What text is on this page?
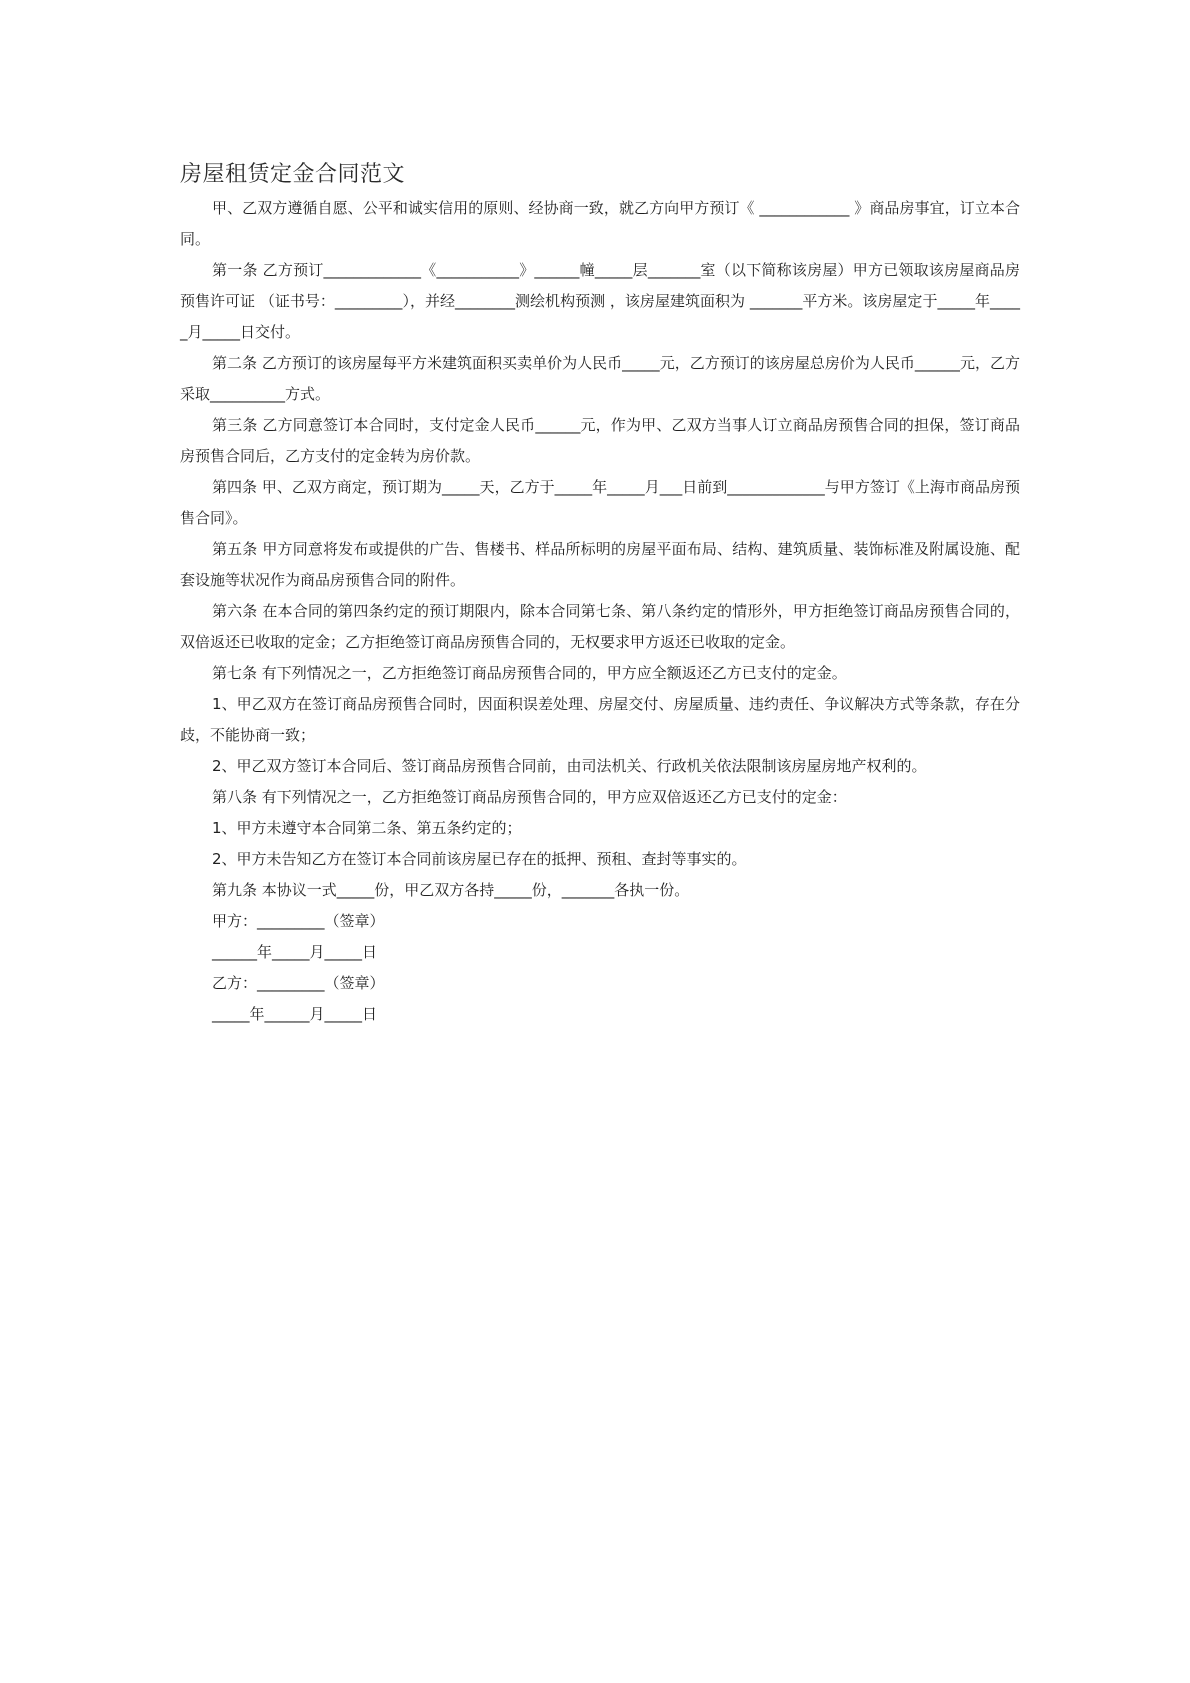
房屋租赁定金合同范文

甲、乙双方遵循自愿、公平和诚实信用的原则、经协商一致，就乙方向甲方预订《 ____________ 》商品房事宜，订立本合同。

第一条 乙方预订_____________《___________》______幢_____层_______室（以下简称该房屋）甲方已领取该房屋商品房预售许可证 （证书号：_________），并经________测绘机构预测 ，该房屋建筑面积为 _______平方米。该房屋定于_____年_____月_____日交付。

第二条 乙方预订的该房屋每平方米建筑面积买卖单价为人民币_____元，乙方预订的该房屋总房价为人民币______元，乙方采取__________方式。

第三条 乙方同意签订本合同时，支付定金人民币______元，作为甲、乙双方当事人订立商品房预售合同的担保，签订商品房预售合同后，乙方支付的定金转为房价款。

第四条 甲、乙双方商定，预订期为_____天，乙方于_____年_____月___日前到_____________与甲方签订《上海市商品房预售合同》。

第五条 甲方同意将发布或提供的广告、售楼书、样品所标明的房屋平面布局、结构、建筑质量、装饰标准及附属设施、配套设施等状况作为商品房预售合同的附件。

第六条 在本合同的第四条约定的预订期限内，除本合同第七条、第八条约定的情形外，甲方拒绝签订商品房预售合同的，双倍返还已收取的定金；乙方拒绝签订商品房预售合同的，无权要求甲方返还已收取的定金。

第七条 有下列情况之一，乙方拒绝签订商品房预售合同的，甲方应全额返还乙方已支付的定金。

1、甲乙双方在签订商品房预售合同时，因面积误差处理、房屋交付、房屋质量、违约责任、争议解决方式等条款，存在分歧，不能协商一致；

2、甲乙双方签订本合同后、签订商品房预售合同前，由司法机关、行政机关依法限制该房屋房地产权利的。

第八条 有下列情况之一，乙方拒绝签订商品房预售合同的，甲方应双倍返还乙方已支付的定金：

1、甲方未遵守本合同第二条、第五条约定的；

2、甲方未告知乙方在签订本合同前该房屋已存在的抵押、预租、查封等事实的。

第九条 本协议一式_____份，甲乙双方各持_____份，_______各执一份。

甲方：_________（签章）

______年_____月_____日

乙方：_________（签章）

_____年______月_____日
